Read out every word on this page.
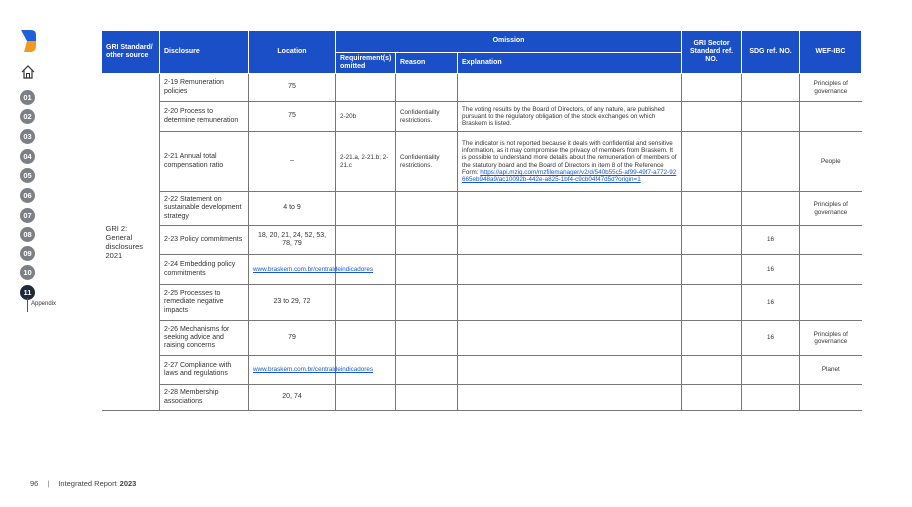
01
02
03
04
05
06
07
08
09
10
11
Appendix
GRI Standard/ other source	Disclosure	Location	Omission			GRI Sector Standard ref. NO.	SDG ref. NO.	WEF-IBC
			Requirement(s) omitted	Reason	Explanation			
GRI 2: General disclosures 2021	2-19 Remuneration policies	75						Principles of governance
	2-20 Process to determine remuneration	75	2-20b	Confidentiality restrictions.	The voting results by the Board of Directors, of any nature, are published pursuant to the regulatory obligation of the stock exchanges on which Braskem is listed.			
	2-21 Annual total compensation ratio	–	2-21.a, 2-21.b; 2-21.c	Confidentiality restrictions.	The indicator is not reported because it deals with confidential and sensitive information, as it may compromise the privacy of members from Braskem. It is possible to understand more details about the remuneration of members of the statutory board and the Board of Directors in item 8 of the Reference Form: https://api.mziq.com/mzfilemanager/v2/d/540b55c5-af99-49f7-a772-92665eb948a9/ac10092b-442e-a825-1bf4-c9cb04f47d5d?origin=1			People
	2-22 Statement on sustainable development strategy	4 to 9						Principles of governance
	2-23 Policy commitments	18, 20, 21, 24, 52, 53, 78, 79					16	
	2-24 Embedding policy commitments	www.braskem.com.br/centraldeindicadores					16	
	2-25 Processes to remediate negative impacts	23 to 29, 72					16	
	2-26 Mechanisms for seeking advice and raising concerns	79					16	Principles of governance
	2-27 Compliance with laws and regulations	www.braskem.com.br/centraldeindicadores						Planet
	2-28 Membership associations	20, 74						
96 | Integrated Report 2023
